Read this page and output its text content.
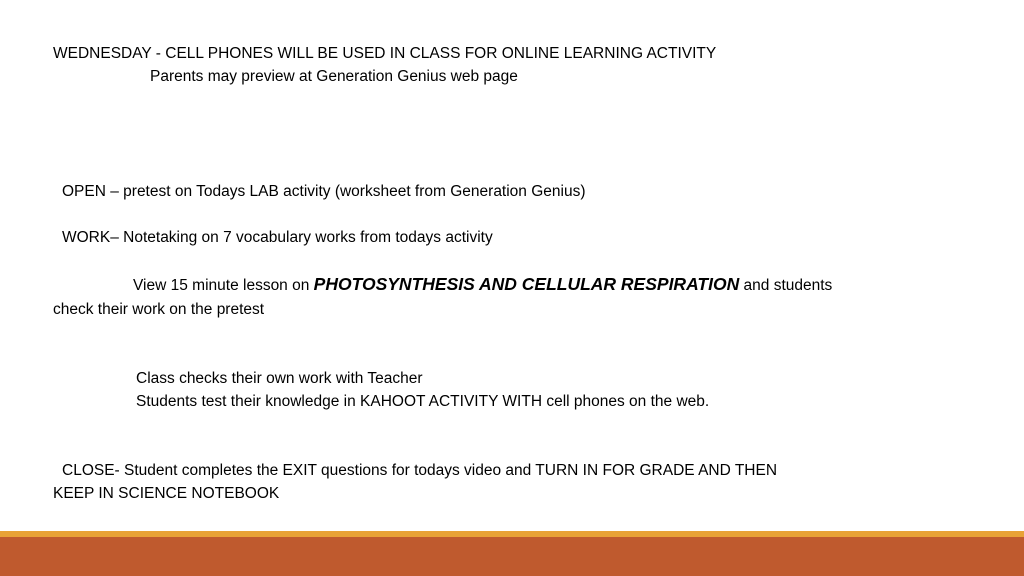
WEDNESDAY - CELL PHONES WILL BE USED IN CLASS FOR ONLINE LEARNING ACTIVITY
Parents may preview at Generation Genius web page
OPEN – pretest on Todays LAB activity (worksheet from Generation Genius)
WORK– Notetaking on 7 vocabulary works from todays activity
View 15 minute lesson on PHOTOSYNTHESIS AND CELLULAR RESPIRATION and students
check their work on the pretest
Class checks their own work with Teacher
Students test their knowledge in KAHOOT ACTIVITY WITH cell phones on the web.
CLOSE- Student completes the EXIT questions for todays video and TURN IN FOR GRADE AND THEN
KEEP IN SCIENCE NOTEBOOK
